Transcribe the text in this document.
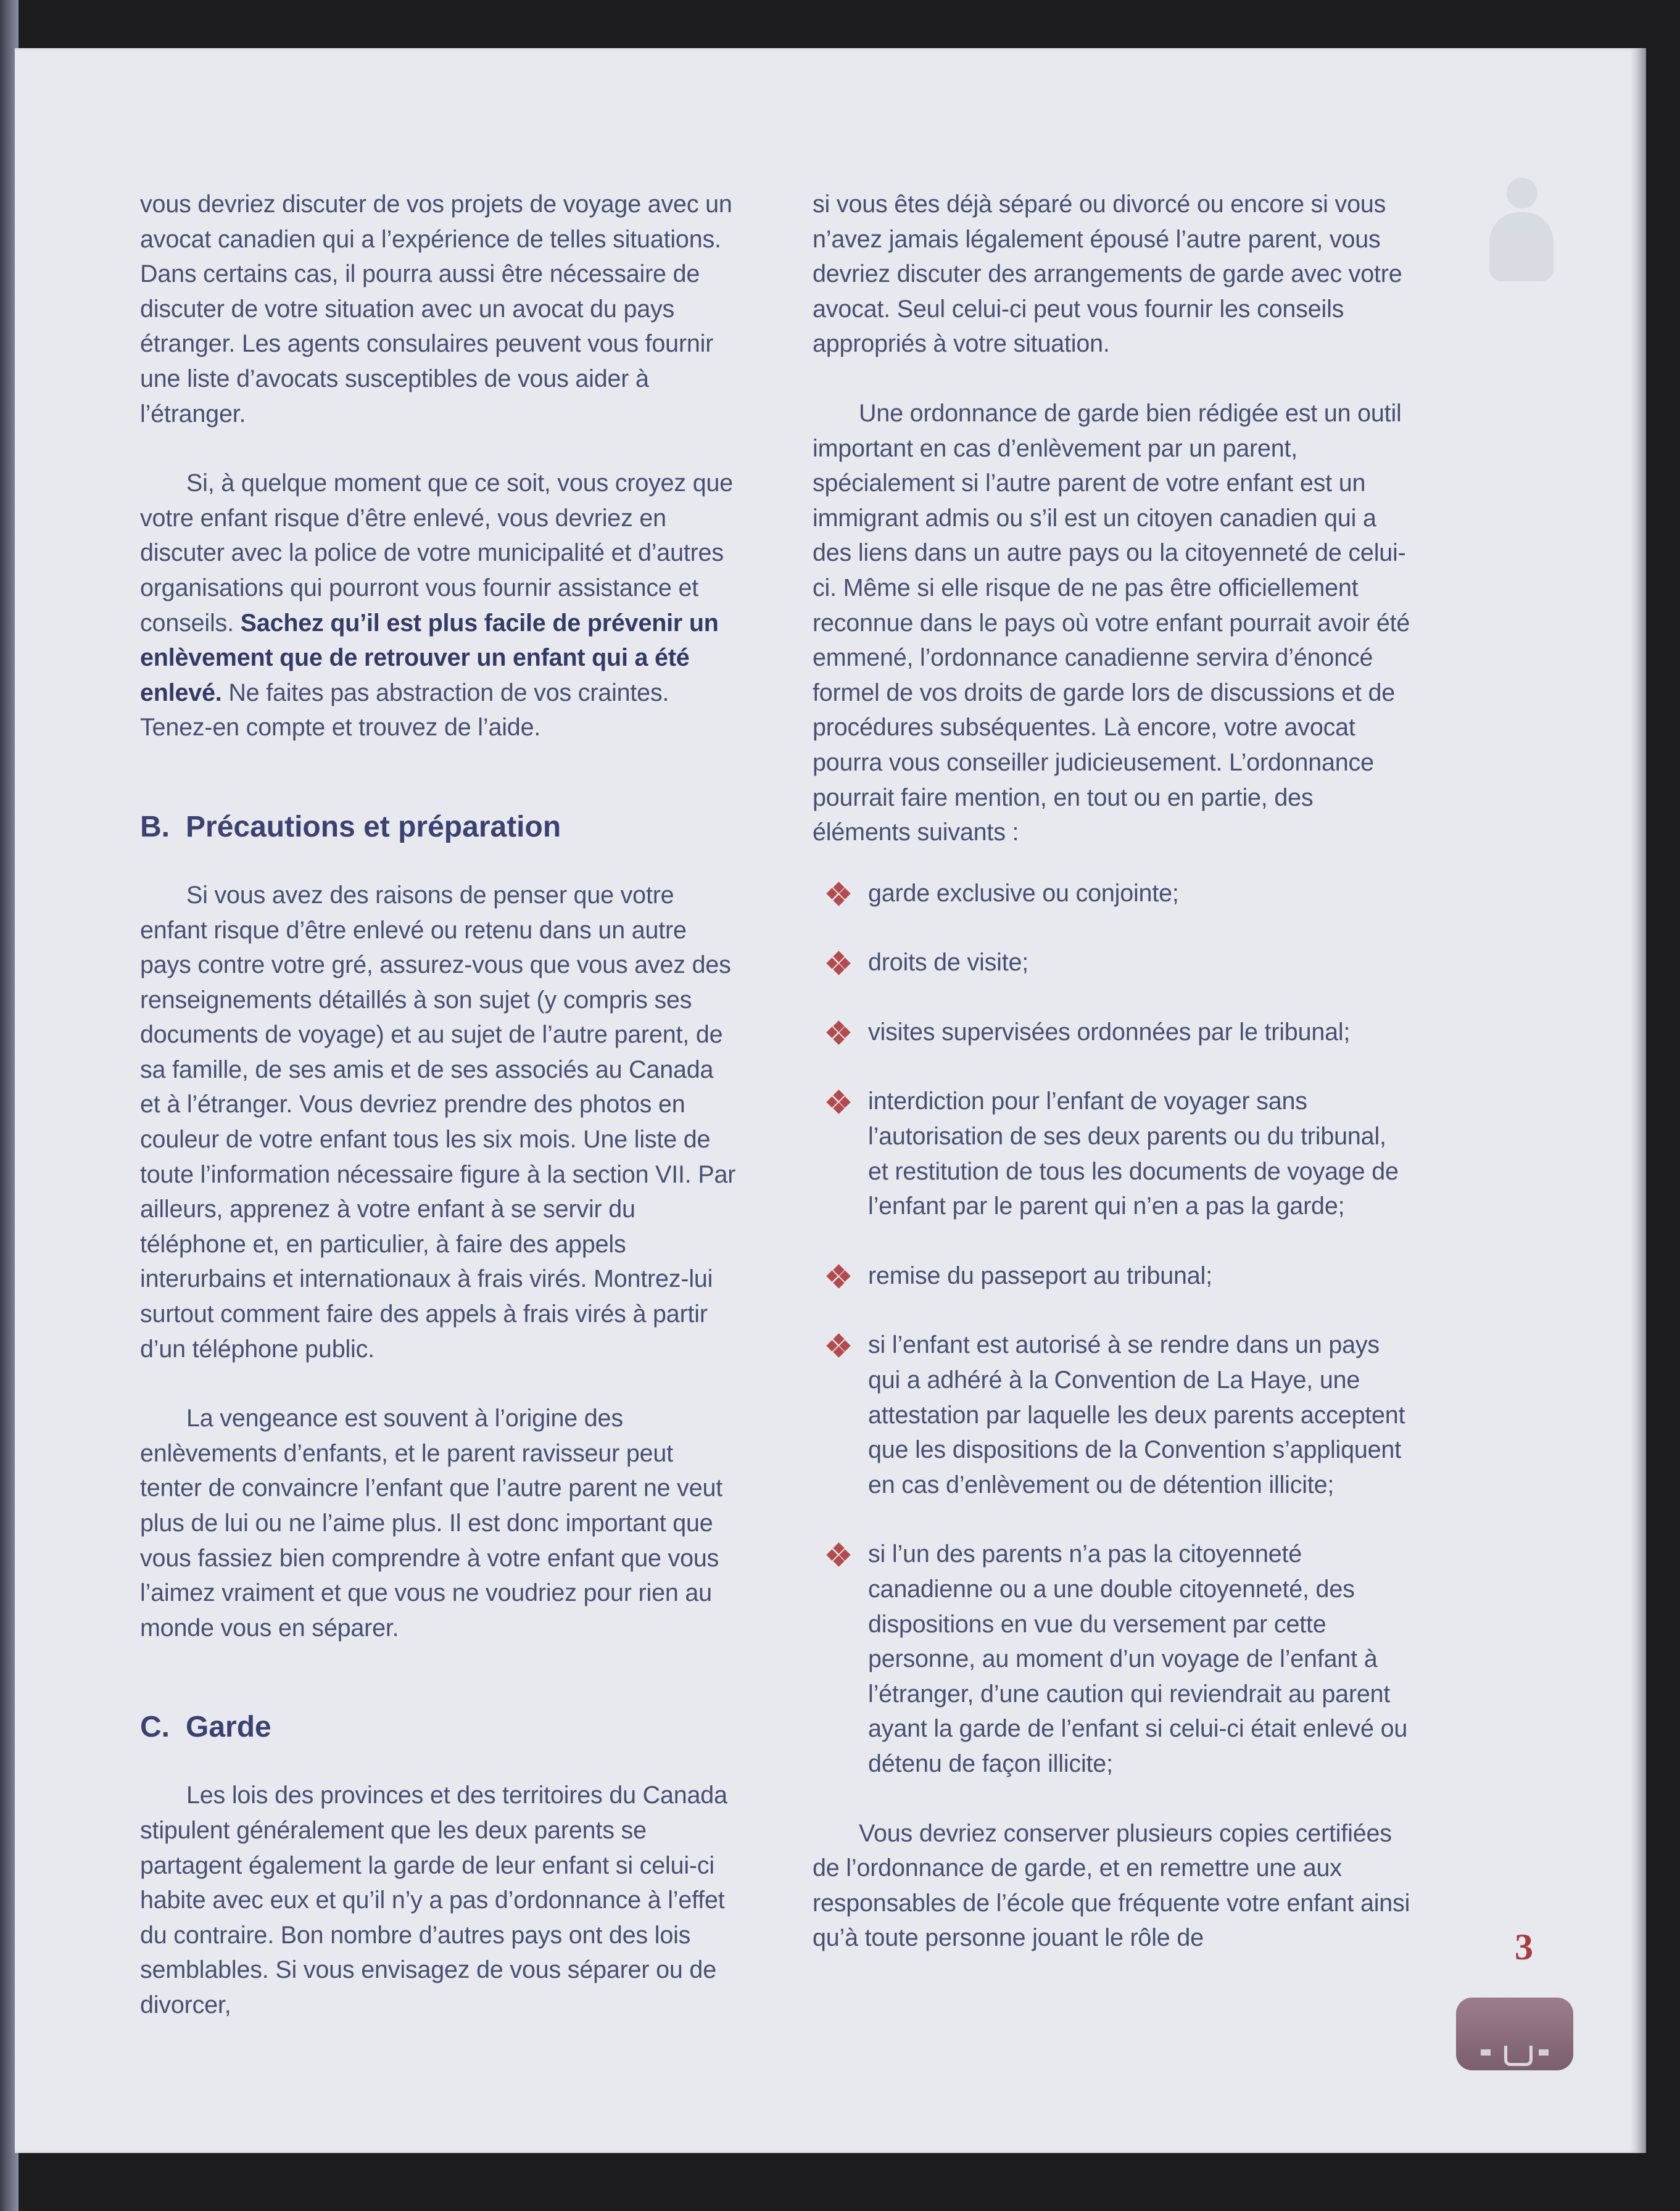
vous devriez discuter de vos projets de voyage avec un avocat canadien qui a l’expérience de telles situations. Dans certains cas, il pourra aussi être nécessaire de discuter de votre situation avec un avocat du pays étranger. Les agents consulaires peuvent vous fournir une liste d’avocats susceptibles de vous aider à l’étranger.

Si, à quelque moment que ce soit, vous croyez que votre enfant risque d’être enlevé, vous devriez en discuter avec la police de votre municipalité et d’autres organisations qui pourront vous fournir assistance et conseils. Sachez qu’il est plus facile de prévenir un enlèvement que de retrouver un enfant qui a été enlevé. Ne faites pas abstraction de vos craintes. Tenez-en compte et trouvez de l’aide.

B. Précautions et préparation

Si vous avez des raisons de penser que votre enfant risque d’être enlevé ou retenu dans un autre pays contre votre gré, assurez-vous que vous avez des renseignements détaillés à son sujet (y compris ses documents de voyage) et au sujet de l’autre parent, de sa famille, de ses amis et de ses associés au Canada et à l’étranger. Vous devriez prendre des photos en couleur de votre enfant tous les six mois. Une liste de toute l’information nécessaire figure à la section VII. Par ailleurs, apprenez à votre enfant à se servir du téléphone et, en particulier, à faire des appels interurbains et internationaux à frais virés. Montrez-lui surtout comment faire des appels à frais virés à partir d’un téléphone public.

La vengeance est souvent à l’origine des enlèvements d’enfants, et le parent ravisseur peut tenter de convaincre l’enfant que l’autre parent ne veut plus de lui ou ne l’aime plus. Il est donc important que vous fassiez bien comprendre à votre enfant que vous l’aimez vraiment et que vous ne voudriez pour rien au monde vous en séparer.

C. Garde

Les lois des provinces et des territoires du Canada stipulent généralement que les deux parents se partagent également la garde de leur enfant si celui-ci habite avec eux et qu’il n’y a pas d’ordonnance à l’effet du contraire. Bon nombre d’autres pays ont des lois semblables. Si vous envisagez de vous séparer ou de divorcer,

si vous êtes déjà séparé ou divorcé ou encore si vous n’avez jamais légalement épousé l’autre parent, vous devriez discuter des arrangements de garde avec votre avocat. Seul celui-ci peut vous fournir les conseils appropriés à votre situation.

Une ordonnance de garde bien rédigée est un outil important en cas d’enlèvement par un parent, spécialement si l’autre parent de votre enfant est un immigrant admis ou s’il est un citoyen canadien qui a des liens dans un autre pays ou la citoyenneté de celui-ci. Même si elle risque de ne pas être officiellement reconnue dans le pays où votre enfant pourrait avoir été emmené, l’ordonnance canadienne servira d’énoncé formel de vos droits de garde lors de discussions et de procédures subséquentes. Là encore, votre avocat pourra vous conseiller judicieusement. L’ordonnance pourrait faire mention, en tout ou en partie, des éléments suivants :

garde exclusive ou conjointe;
droits de visite;
visites supervisées ordonnées par le tribunal;
interdiction pour l’enfant de voyager sans l’autorisation de ses deux parents ou du tribunal, et restitution de tous les documents de voyage de l’enfant par le parent qui n’en a pas la garde;
remise du passeport au tribunal;
si l’enfant est autorisé à se rendre dans un pays qui a adhéré à la Convention de La Haye, une attestation par laquelle les deux parents acceptent que les dispositions de la Convention s’appliquent en cas d’enlèvement ou de détention illicite;
si l’un des parents n’a pas la citoyenneté canadienne ou a une double citoyenneté, des dispositions en vue du versement par cette personne, au moment d’un voyage de l’enfant à l’étranger, d’une caution qui reviendrait au parent ayant la garde de l’enfant si celui-ci était enlevé ou détenu de façon illicite;

Vous devriez conserver plusieurs copies certifiées de l’ordonnance de garde, et en remettre une aux responsables de l’école que fréquente votre enfant ainsi qu’à toute personne jouant le rôle de	3
